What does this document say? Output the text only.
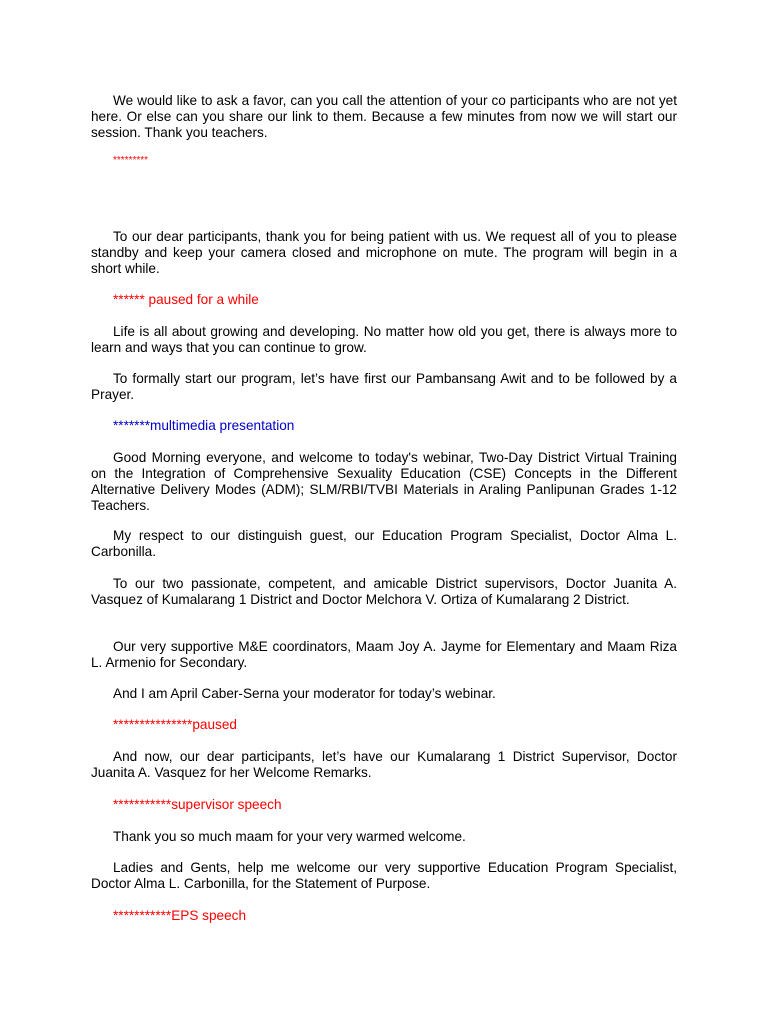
We would like to ask a favor, can you call the attention of your co participants who are not yet here. Or else can you share our link to them. Because a few minutes from now we will start our session. Thank you teachers.

*********

To our dear participants, thank you for being patient with us. We request all of you to please standby and keep your camera closed and microphone on mute. The program will begin in a short while.

****** paused for a while

Life is all about growing and developing. No matter how old you get, there is always more to learn and ways that you can continue to grow.

To formally start our program, let’s have first our Pambansang Awit and to be followed by a Prayer.

*******multimedia presentation

Good Morning everyone, and welcome to today's webinar, Two-Day District Virtual Training on the Integration of Comprehensive Sexuality Education (CSE) Concepts in the Different Alternative Delivery Modes (ADM); SLM/RBI/TVBI Materials in Araling Panlipunan Grades 1-12 Teachers.

My respect to our distinguish guest, our Education Program Specialist, Doctor Alma L. Carbonilla.

To our two passionate, competent, and amicable District supervisors, Doctor Juanita A. Vasquez of Kumalarang 1 District and Doctor Melchora V. Ortiza of Kumalarang 2 District.

Our very supportive M&E coordinators, Maam Joy A. Jayme for Elementary and Maam Riza L. Armenio for Secondary.

And I am April Caber-Serna your moderator for today’s webinar.

***************paused

And now, our dear participants, let’s have our Kumalarang 1 District Supervisor, Doctor Juanita A. Vasquez for her Welcome Remarks.

***********supervisor speech

Thank you so much maam for your very warmed welcome.

Ladies and Gents, help me welcome our very supportive Education Program Specialist, Doctor Alma L. Carbonilla, for the Statement of Purpose.

***********EPS speech
